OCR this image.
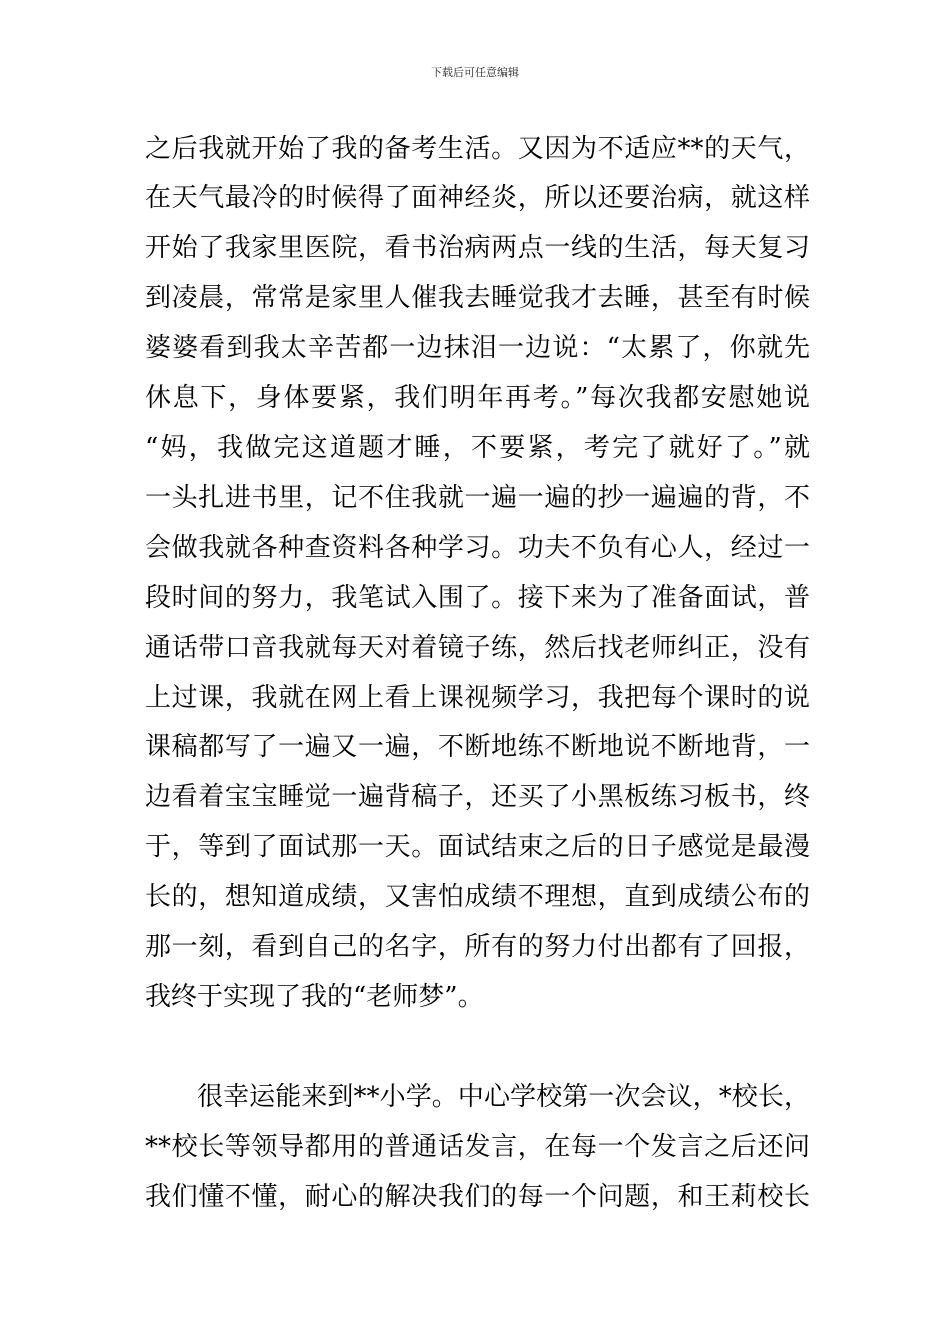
下载后可任意编辑
之后我就开始了我的备考生活。又因为不适应**的天气，
在天气最冷的时候得了面神经炎，所以还要治病，就这样
开始了我家里医院，看书治病两点一线的生活，每天复习
到凌晨，常常是家里人催我去睡觉我才去睡，甚至有时候
婆婆看到我太辛苦都一边抹泪一边说：“太累了，你就先
休息下，身体要紧，我们明年再考。”每次我都安慰她说
“妈，我做完这道题才睡，不要紧，考完了就好了。”就
一头扎进书里，记不住我就一遍一遍的抄一遍遍的背，不
会做我就各种查资料各种学习。功夫不负有心人，经过一
段时间的努力，我笔试入围了。接下来为了准备面试，普
通话带口音我就每天对着镜子练，然后找老师纠正，没有
上过课，我就在网上看上课视频学习，我把每个课时的说
课稿都写了一遍又一遍，不断地练不断地说不断地背，一
边看着宝宝睡觉一遍背稿子，还买了小黑板练习板书，终
于，等到了面试那一天。面试结束之后的日子感觉是最漫
长的，想知道成绩，又害怕成绩不理想，直到成绩公布的
那一刻，看到自己的名字，所有的努力付出都有了回报，
我终于实现了我的“老师梦”。
很幸运能来到**小学。中心学校第一次会议，*校长，
**校长等领导都用的普通话发言，在每一个发言之后还问
我们懂不懂，耐心的解决我们的每一个问题，和王莉校长
